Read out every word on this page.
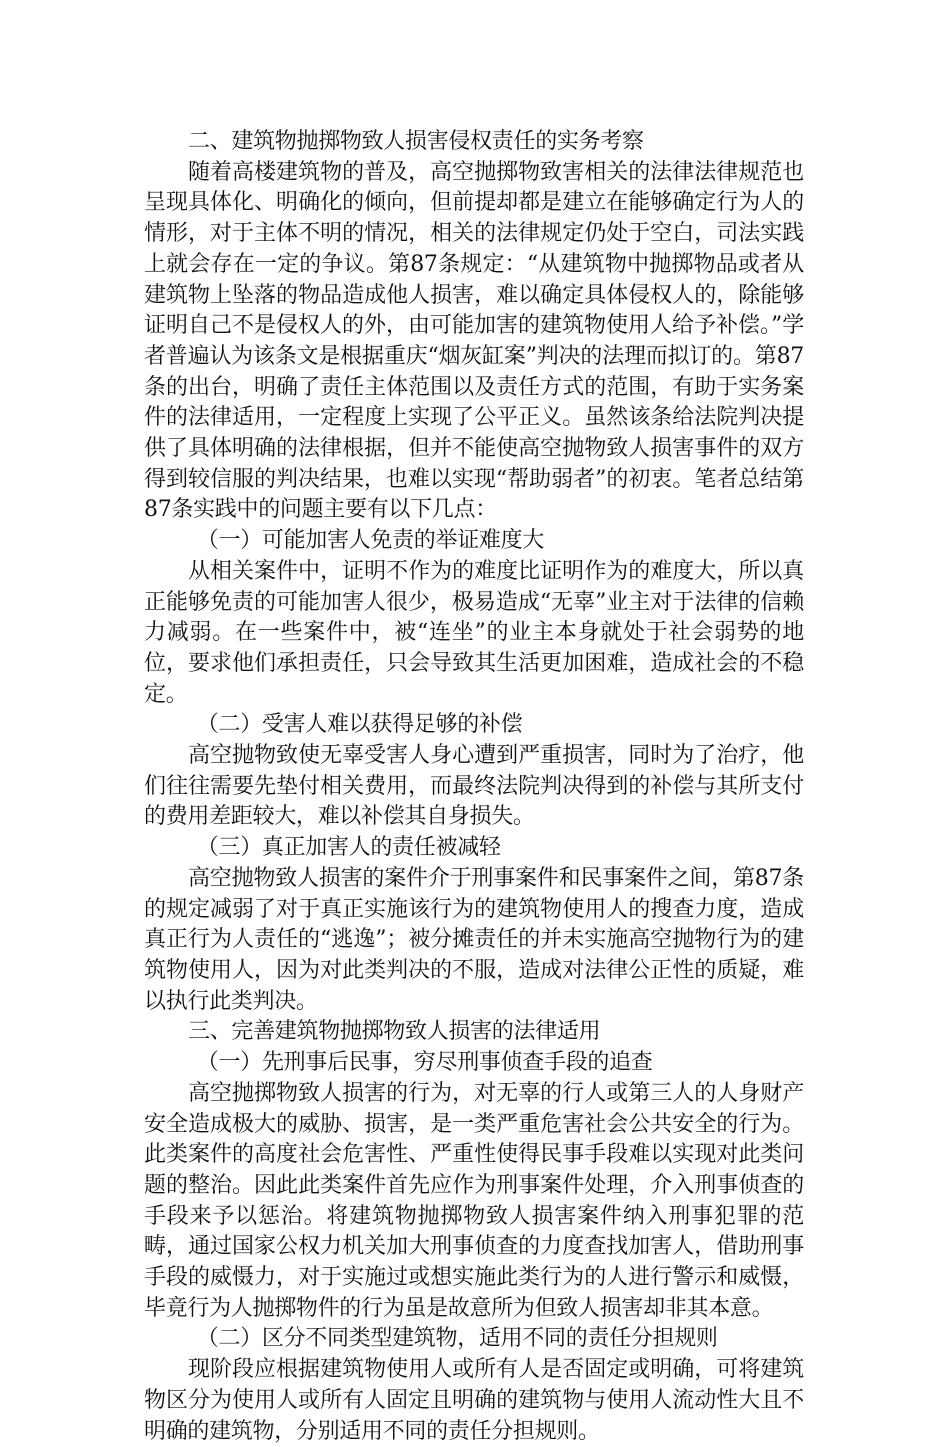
二、建筑物抛掷物致人损害侵权责任的实务考察

随着高楼建筑物的普及，高空抛掷物致害相关的法律法律规范也呈现具体化、明确化的倾向，但前提却都是建立在能够确定行为人的情形，对于主体不明的情况，相关的法律规定仍处于空白，司法实践上就会存在一定的争议。第87条规定：“从建筑物中抛掷物品或者从建筑物上坠落的物品造成他人损害，难以确定具体侵权人的，除能够证明自己不是侵权人的外，由可能加害的建筑物使用人给予补偿。”学者普遍认为该条文是根据重庆“烟灰缸案”判决的法理而拟订的。第87条的出台，明确了责任主体范围以及责任方式的范围，有助于实务案件的法律适用，一定程度上实现了公平正义。虽然该条给法院判决提供了具体明确的法律根据，但并不能使高空抛物致人损害事件的双方得到较信服的判决结果，也难以实现“帮助弱者”的初衷。笔者总结第87条实践中的问题主要有以下几点：

（一）可能加害人免责的举证难度大

从相关案件中，证明不作为的难度比证明作为的难度大，所以真正能够免责的可能加害人很少，极易造成“无辜”业主对于法律的信赖力减弱。在一些案件中，被“连坐”的业主本身就处于社会弱势的地位，要求他们承担责任，只会导致其生活更加困难，造成社会的不稳定。

（二）受害人难以获得足够的补偿

高空抛物致使无辜受害人身心遭到严重损害，同时为了治疗，他们往往需要先垫付相关费用，而最终法院判决得到的补偿与其所支付的费用差距较大，难以补偿其自身损失。

（三）真正加害人的责任被减轻

高空抛物致人损害的案件介于刑事案件和民事案件之间，第87条的规定减弱了对于真正实施该行为的建筑物使用人的搜查力度，造成真正行为人责任的“逃逸”；被分摊责任的并未实施高空抛物行为的建筑物使用人，因为对此类判决的不服，造成对法律公正性的质疑，难以执行此类判决。

三、完善建筑物抛掷物致人损害的法律适用

（一）先刑事后民事，穷尽刑事侦查手段的追查

高空抛掷物致人损害的行为，对无辜的行人或第三人的人身财产安全造成极大的威胁、损害，是一类严重危害社会公共安全的行为。此类案件的高度社会危害性、严重性使得民事手段难以实现对此类问题的整治。因此此类案件首先应作为刑事案件处理，介入刑事侦查的手段来予以惩治。将建筑物抛掷物致人损害案件纳入刑事犯罪的范畴，通过国家公权力机关加大刑事侦查的力度查找加害人，借助刑事手段的威慑力，对于实施过或想实施此类行为的人进行警示和威慑，毕竟行为人抛掷物件的行为虽是故意所为但致人损害却非其本意。

（二）区分不同类型建筑物，适用不同的责任分担规则

现阶段应根据建筑物使用人或所有人是否固定或明确，可将建筑物区分为使用人或所有人固定且明确的建筑物与使用人流动性大且不明确的建筑物，分别适用不同的责任分担规则。
